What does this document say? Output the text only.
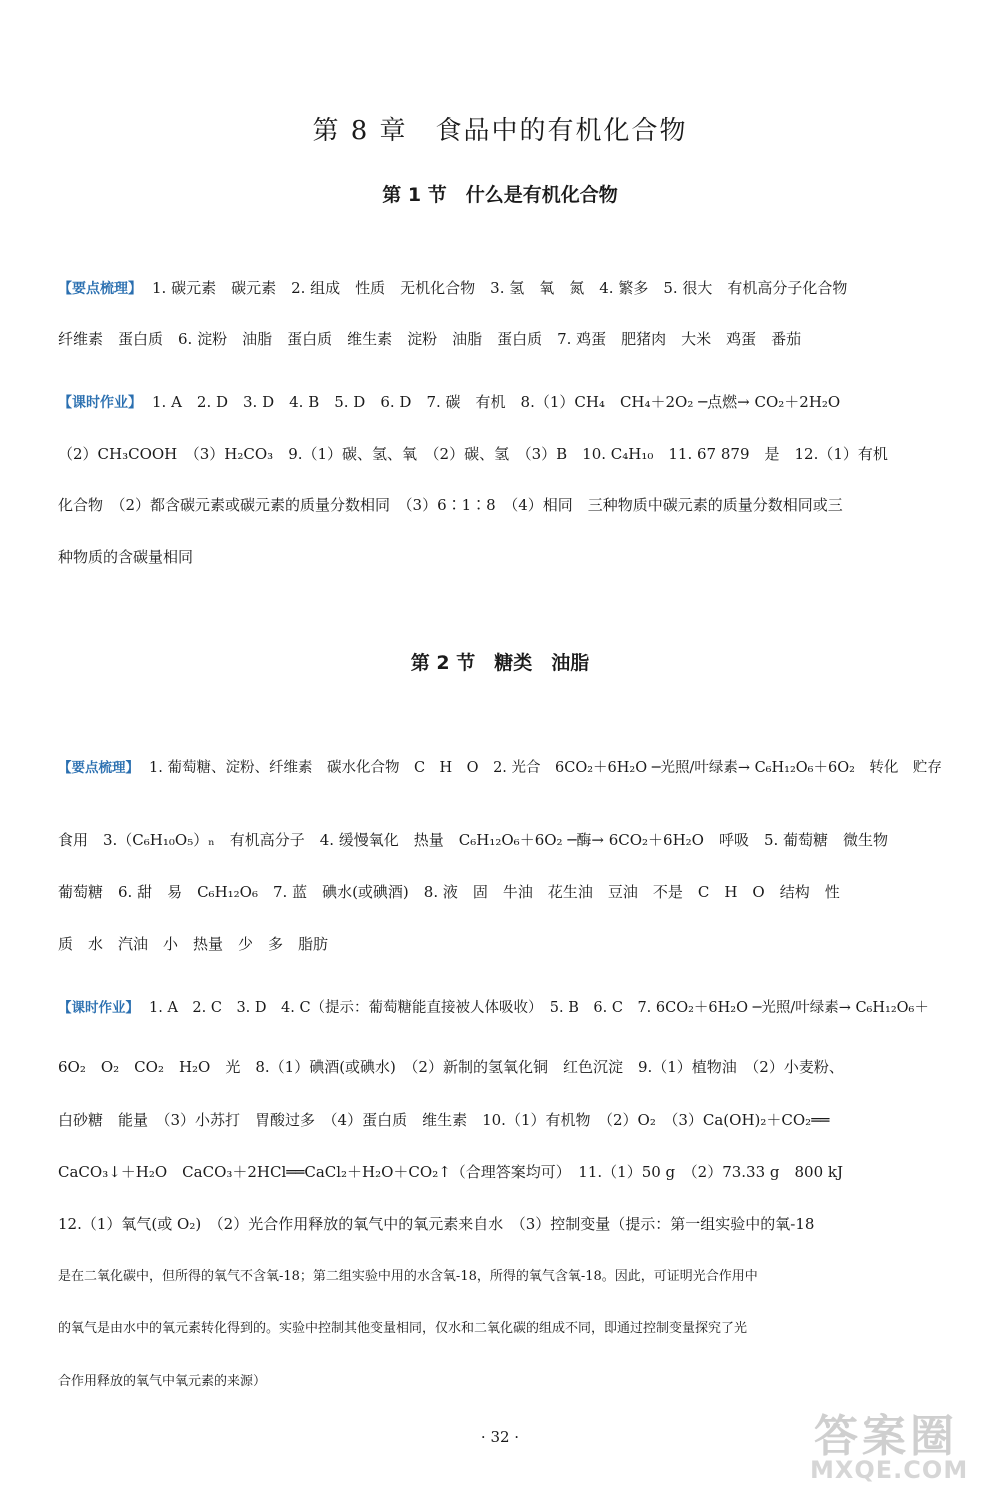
第 8 章　食品中的有机化合物
第 1 节　什么是有机化合物
【要点梳理】 1. 碳元素　碳元素　2. 组成　性质　无机化合物　3. 氢　氧　氮　4. 繁多　5. 很大　有机高分子化合物
纤维素　蛋白质　6. 淀粉　油脂　蛋白质　维生素　淀粉　油脂　蛋白质　7. 鸡蛋　肥猪肉　大米　鸡蛋　番茄
【课时作业】 1. A　2. D　3. D　4. B　5. D　6. D　7. 碳　有机　8.（1）CH₄　CH₄＋2O₂ ─点燃→ CO₂＋2H₂O
（2）CH₃COOH　（3）H₂CO₃　9.（1）碳、氢、氧　（2）碳、氢　（3）B　10. C₄H₁₀　11. 67 879　是　12.（1）有机
化合物　（2）都含碳元素或碳元素的质量分数相同　（3）6∶1∶8　（4）相同　三种物质中碳元素的质量分数相同或三
种物质的含碳量相同
第 2 节　糖类　油脂
【要点梳理】 1. 葡萄糖、淀粉、纤维素　碳水化合物　C　H　O　2. 光合　6CO₂＋6H₂O ─光照/叶绿素→ C₆H₁₂O₆＋6O₂　转化　贮存
食用　3.（C₆H₁₀O₅）ₙ　有机高分子　4. 缓慢氧化　热量　C₆H₁₂O₆＋6O₂ ─酶→ 6CO₂＋6H₂O　呼吸　5. 葡萄糖　微生物
葡萄糖　6. 甜　易　C₆H₁₂O₆　7. 蓝　碘水(或碘酒)　8. 液　固　牛油　花生油　豆油　不是　C　H　O　结构　性
质　水　汽油　小　热量　少　多　脂肪
【课时作业】 1. A　2. C　3. D　4. C（提示：葡萄糖能直接被人体吸收）　5. B　6. C　7. 6CO₂＋6H₂O ─光照/叶绿素→ C₆H₁₂O₆＋
6O₂　O₂　CO₂　H₂O　光　8.（1）碘酒(或碘水)　（2）新制的氢氧化铜　红色沉淀　9.（1）植物油　（2）小麦粉、
白砂糖　能量　（3）小苏打　胃酸过多　（4）蛋白质　维生素　10.（1）有机物　（2）O₂　（3）Ca(OH)₂＋CO₂══
CaCO₃↓＋H₂O　CaCO₃＋2HCl══CaCl₂＋H₂O＋CO₂↑（合理答案均可）　11.（1）50 g　（2）73.33 g　800 kJ
12.（1）氧气(或 O₂)　（2）光合作用释放的氧气中的氧元素来自水　（3）控制变量（提示：第一组实验中的氧-18
是在二氧化碳中，但所得的氧气不含氧-18；第二组实验中用的水含氧-18，所得的氧气含氧-18。因此，可证明光合作用中
的氧气是由水中的氧元素转化得到的。实验中控制其他变量相同，仅水和二氧化碳的组成不同，即通过控制变量探究了光
合作用释放的氧气中氧元素的来源）
· 32 ·	答案圈
MXQE.COM
